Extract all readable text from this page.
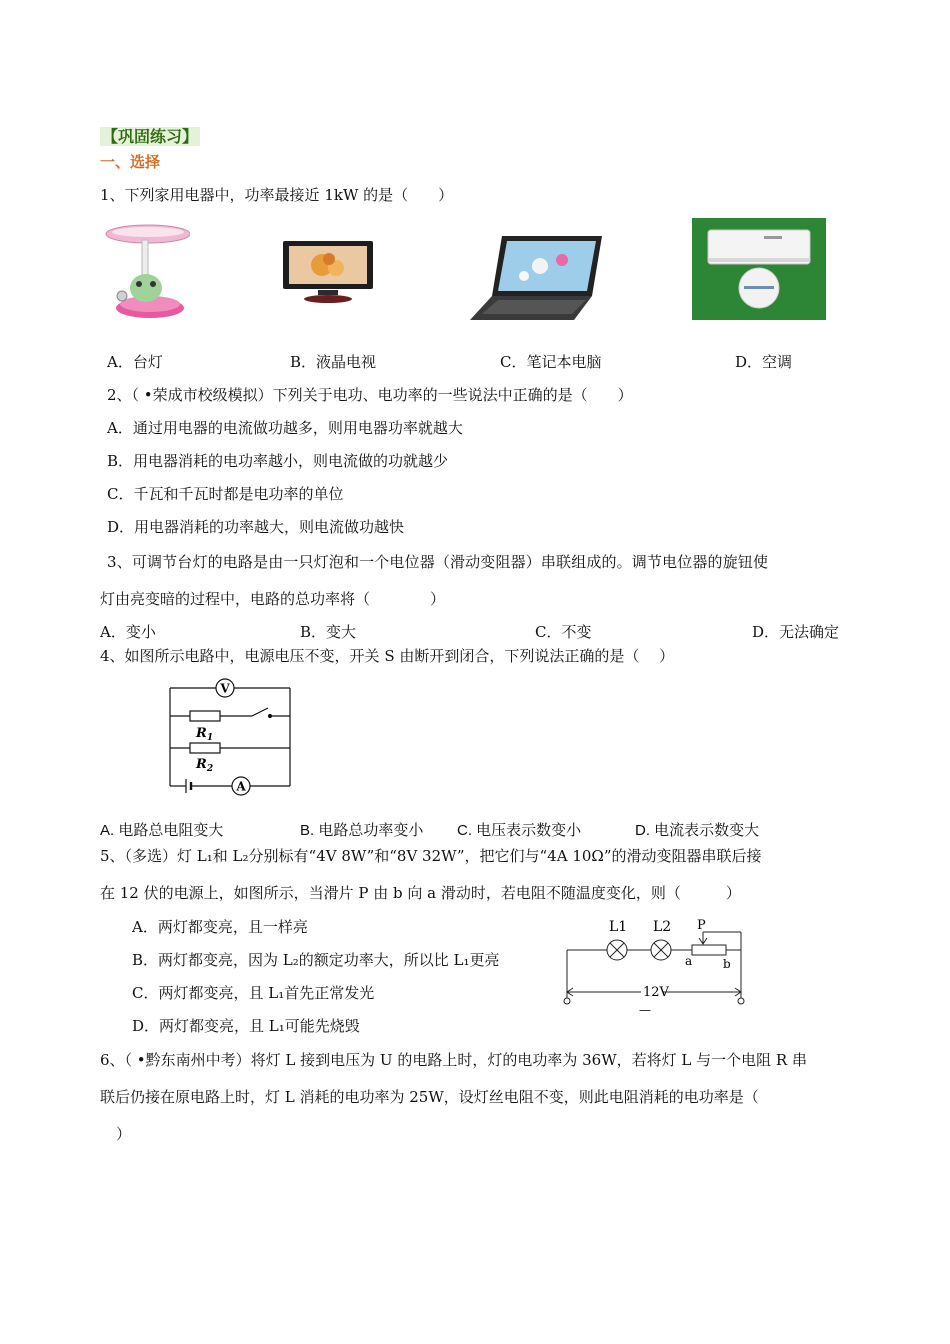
【巩固练习】
一、选择
1、下列家用电器中，功率最接近 1kW 的是（　　）
A．台灯	B．液晶电视	C．笔记本电脑	D．空调
2、（ •荣成市校级模拟）下列关于电功、电功率的一些说法中正确的是（　　）
A．通过用电器的电流做功越多，则用电器功率就越大
B．用电器消耗的电功率越小，则电流做的功就越少
C．千瓦和千瓦时都是电功率的单位
D．用电器消耗的功率越大，则电流做功越快
3、可调节台灯的电路是由一只灯泡和一个电位器（滑动变阻器）串联组成的。调节电位器的旋钮使
灯由亮变暗的过程中，电路的总功率将（　　　　）
A．变小	B．变大	C．不变	D．无法确定
4、如图所示电路中，电源电压不变，开关 S 由断开到闭合，下列说法正确的是（　 ）
V
A
$R_1$
$R_2$
A. 电路总电阻变大	B. 电路总功率变小 C. 电压表示数变小	D. 电流表示数变大
5、（多选）灯 L₁和 L₂分别标有“4V 8W”和“8V 32W”，把它们与“4A 10Ω”的滑动变阻器串联后接
在 12 伏的电源上，如图所示，当滑片 P 由 b 向 a 滑动时，若电阻不随温度变化，则（　　　）
A．两灯都变亮，且一样亮
B．两灯都变亮，因为 L₂的额定功率大，所以比 L₁更亮
C．两灯都变亮，且 L₁首先正常发光
D．两灯都变亮，且 L₁可能先烧毁
L1 L2 P
a	b
12V
—
6、（ •黔东南州中考）将灯 L 接到电压为 U 的电路上时，灯的电功率为 36W，若将灯 L 与一个电阻 R 串
联后仍接在原电路上时，灯 L 消耗的电功率为 25W，设灯丝电阻不变，则此电阻消耗的电功率是（
）
